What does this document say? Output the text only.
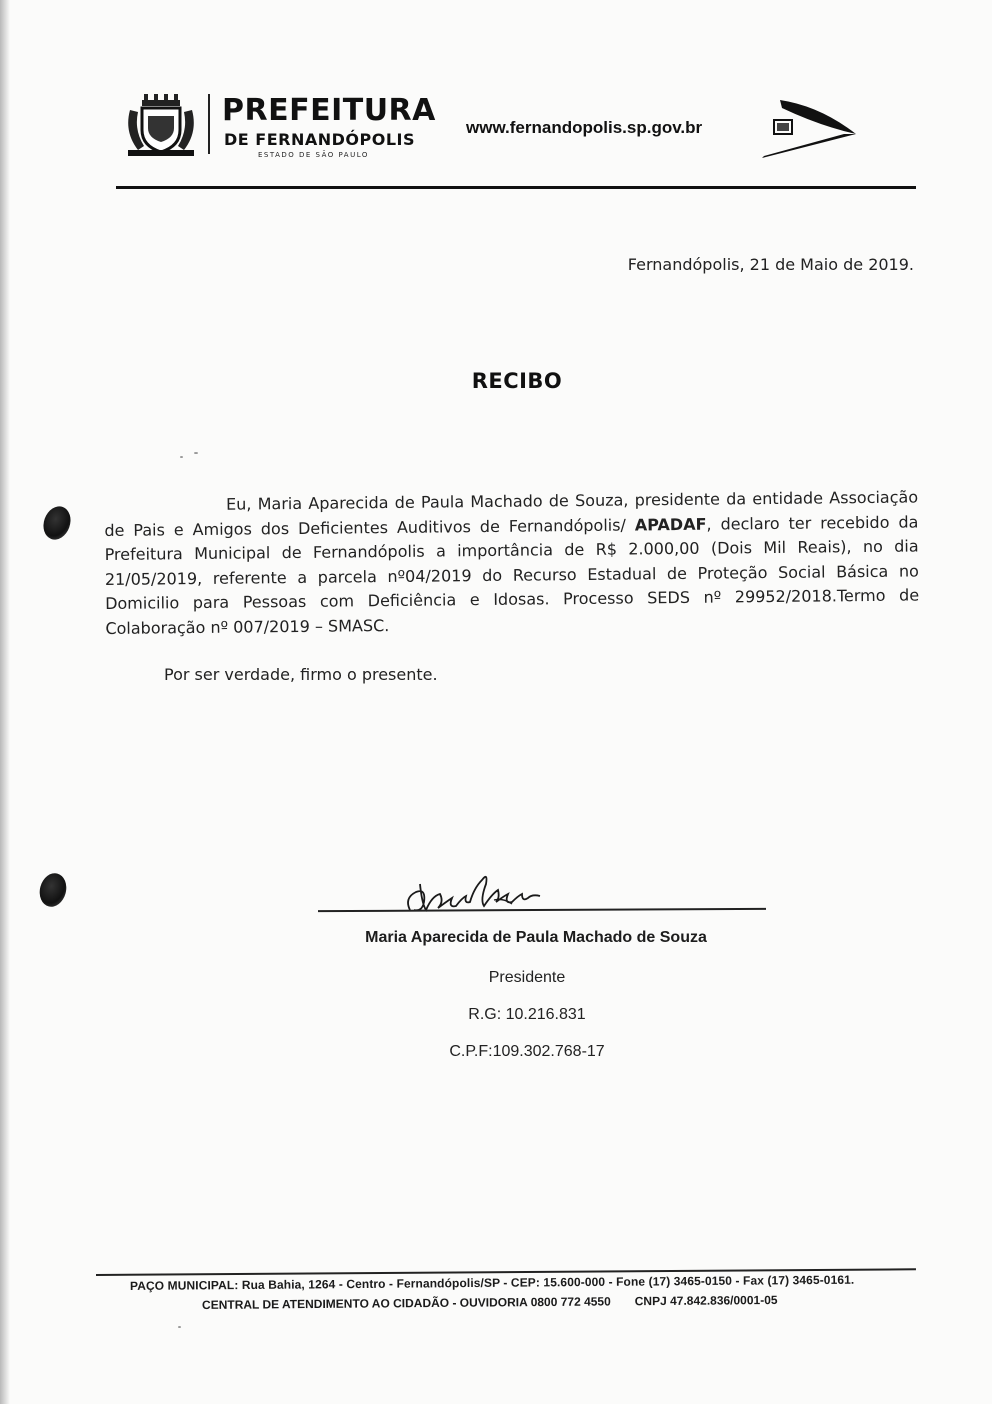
PREFEITURA
DE FERNANDÓPOLIS
ESTADO DE SÃO PAULO
www.fernandopolis.sp.gov.br
Fernandópolis, 21 de Maio de 2019.
RECIBO
Eu, Maria Aparecida de Paula Machado de Souza, presidente da entidade Associação de Pais e Amigos dos Deficientes Auditivos de Fernandópolis/ APADAF, declaro ter recebido da Prefeitura Municipal de Fernandópolis a importância de R$ 2.000,00 (Dois Mil Reais), no dia 21/05/2019, referente a parcela nº04/2019 do Recurso Estadual de Proteção Social Básica no Domicilio para Pessoas com Deficiência e Idosas. Processo SEDS nº 29952/2018.Termo de Colaboração nº 007/2019 – SMASC.
Por ser verdade, firmo o presente.
Maria Aparecida de Paula Machado de Souza
Presidente
R.G: 10.216.831
C.P.F:109.302.768-17
PAÇO MUNICIPAL: Rua Bahia, 1264 - Centro - Fernandópolis/SP - CEP: 15.600-000 - Fone (17) 3465-0150 - Fax (17) 3465-0161.
CENTRAL DE ATENDIMENTO AO CIDADÃO - OUVIDORIA 0800 772 4550 CNPJ 47.842.836/0001-05
